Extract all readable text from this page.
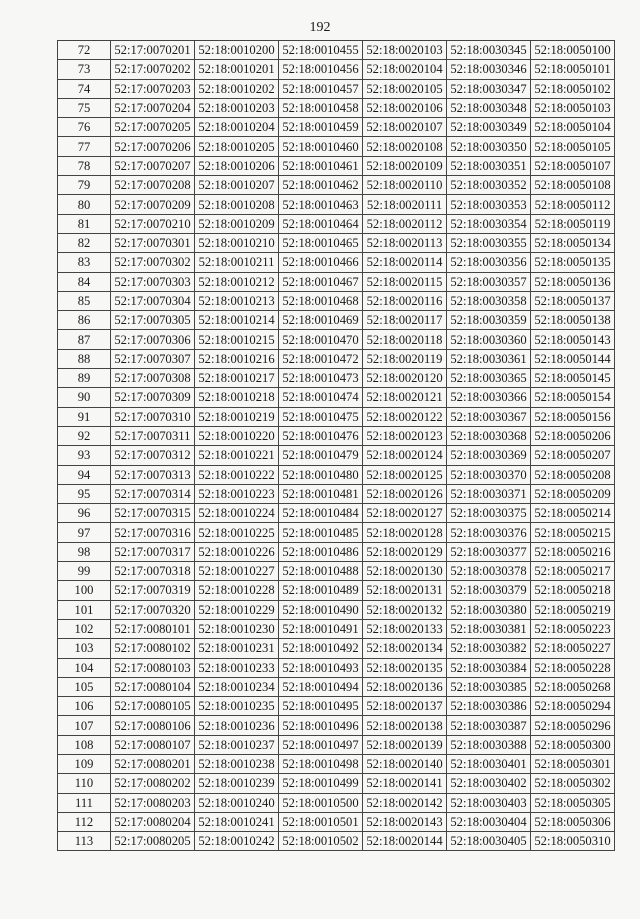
192
72	52:17:0070201	52:18:0010200	52:18:0010455	52:18:0020103	52:18:0030345	52:18:0050100
73	52:17:0070202	52:18:0010201	52:18:0010456	52:18:0020104	52:18:0030346	52:18:0050101
74	52:17:0070203	52:18:0010202	52:18:0010457	52:18:0020105	52:18:0030347	52:18:0050102
75	52:17:0070204	52:18:0010203	52:18:0010458	52:18:0020106	52:18:0030348	52:18:0050103
76	52:17:0070205	52:18:0010204	52:18:0010459	52:18:0020107	52:18:0030349	52:18:0050104
77	52:17:0070206	52:18:0010205	52:18:0010460	52:18:0020108	52:18:0030350	52:18:0050105
78	52:17:0070207	52:18:0010206	52:18:0010461	52:18:0020109	52:18:0030351	52:18:0050107
79	52:17:0070208	52:18:0010207	52:18:0010462	52:18:0020110	52:18:0030352	52:18:0050108
80	52:17:0070209	52:18:0010208	52:18:0010463	52:18:0020111	52:18:0030353	52:18:0050112
81	52:17:0070210	52:18:0010209	52:18:0010464	52:18:0020112	52:18:0030354	52:18:0050119
82	52:17:0070301	52:18:0010210	52:18:0010465	52:18:0020113	52:18:0030355	52:18:0050134
83	52:17:0070302	52:18:0010211	52:18:0010466	52:18:0020114	52:18:0030356	52:18:0050135
84	52:17:0070303	52:18:0010212	52:18:0010467	52:18:0020115	52:18:0030357	52:18:0050136
85	52:17:0070304	52:18:0010213	52:18:0010468	52:18:0020116	52:18:0030358	52:18:0050137
86	52:17:0070305	52:18:0010214	52:18:0010469	52:18:0020117	52:18:0030359	52:18:0050138
87	52:17:0070306	52:18:0010215	52:18:0010470	52:18:0020118	52:18:0030360	52:18:0050143
88	52:17:0070307	52:18:0010216	52:18:0010472	52:18:0020119	52:18:0030361	52:18:0050144
89	52:17:0070308	52:18:0010217	52:18:0010473	52:18:0020120	52:18:0030365	52:18:0050145
90	52:17:0070309	52:18:0010218	52:18:0010474	52:18:0020121	52:18:0030366	52:18:0050154
91	52:17:0070310	52:18:0010219	52:18:0010475	52:18:0020122	52:18:0030367	52:18:0050156
92	52:17:0070311	52:18:0010220	52:18:0010476	52:18:0020123	52:18:0030368	52:18:0050206
93	52:17:0070312	52:18:0010221	52:18:0010479	52:18:0020124	52:18:0030369	52:18:0050207
94	52:17:0070313	52:18:0010222	52:18:0010480	52:18:0020125	52:18:0030370	52:18:0050208
95	52:17:0070314	52:18:0010223	52:18:0010481	52:18:0020126	52:18:0030371	52:18:0050209
96	52:17:0070315	52:18:0010224	52:18:0010484	52:18:0020127	52:18:0030375	52:18:0050214
97	52:17:0070316	52:18:0010225	52:18:0010485	52:18:0020128	52:18:0030376	52:18:0050215
98	52:17:0070317	52:18:0010226	52:18:0010486	52:18:0020129	52:18:0030377	52:18:0050216
99	52:17:0070318	52:18:0010227	52:18:0010488	52:18:0020130	52:18:0030378	52:18:0050217
100	52:17:0070319	52:18:0010228	52:18:0010489	52:18:0020131	52:18:0030379	52:18:0050218
101	52:17:0070320	52:18:0010229	52:18:0010490	52:18:0020132	52:18:0030380	52:18:0050219
102	52:17:0080101	52:18:0010230	52:18:0010491	52:18:0020133	52:18:0030381	52:18:0050223
103	52:17:0080102	52:18:0010231	52:18:0010492	52:18:0020134	52:18:0030382	52:18:0050227
104	52:17:0080103	52:18:0010233	52:18:0010493	52:18:0020135	52:18:0030384	52:18:0050228
105	52:17:0080104	52:18:0010234	52:18:0010494	52:18:0020136	52:18:0030385	52:18:0050268
106	52:17:0080105	52:18:0010235	52:18:0010495	52:18:0020137	52:18:0030386	52:18:0050294
107	52:17:0080106	52:18:0010236	52:18:0010496	52:18:0020138	52:18:0030387	52:18:0050296
108	52:17:0080107	52:18:0010237	52:18:0010497	52:18:0020139	52:18:0030388	52:18:0050300
109	52:17:0080201	52:18:0010238	52:18:0010498	52:18:0020140	52:18:0030401	52:18:0050301
110	52:17:0080202	52:18:0010239	52:18:0010499	52:18:0020141	52:18:0030402	52:18:0050302
111	52:17:0080203	52:18:0010240	52:18:0010500	52:18:0020142	52:18:0030403	52:18:0050305
112	52:17:0080204	52:18:0010241	52:18:0010501	52:18:0020143	52:18:0030404	52:18:0050306
113	52:17:0080205	52:18:0010242	52:18:0010502	52:18:0020144	52:18:0030405	52:18:0050310
